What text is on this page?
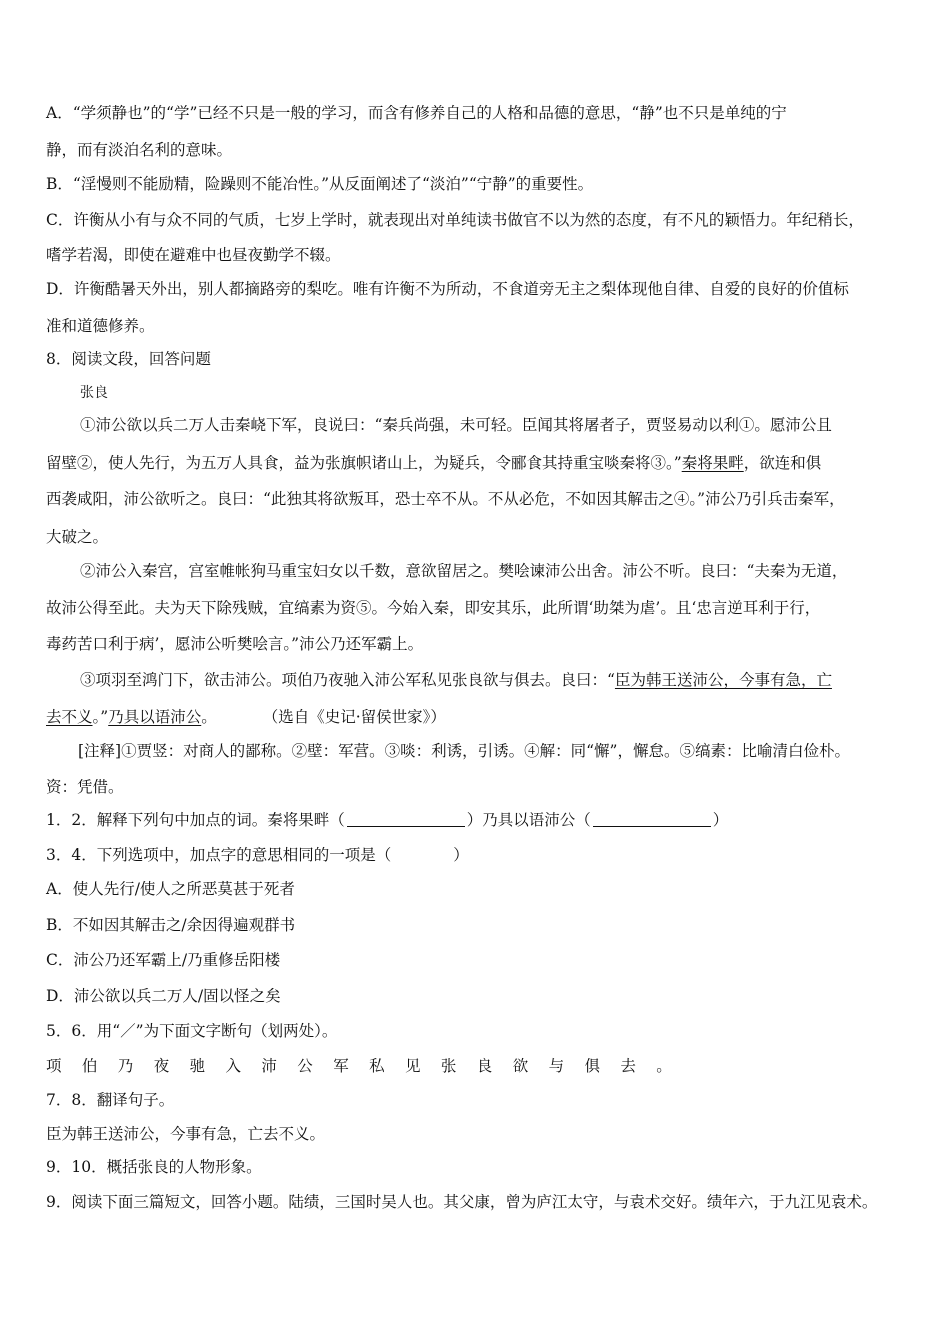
A．“学须静也”的“学”已经不只是一般的学习，而含有修养自己的人格和品德的意思，“静”也不只是单纯的宁
静，而有淡泊名利的意味。
B．“淫慢则不能励精，险躁则不能冶性。”从反面阐述了“淡泊”“宁静”的重要性。
C．许衡从小有与众不同的气质，七岁上学时，就表现出对单纯读书做官不以为然的态度，有不凡的颖悟力。年纪稍长，
嗜学若渴，即使在避难中也昼夜勤学不辍。
D．许衡酷暑天外出，别人都摘路旁的梨吃。唯有许衡不为所动，不食道旁无主之梨体现他自律、自爱的良好的价值标
准和道德修养。
8．阅读文段，回答问题
张良
①沛公欲以兵二万人击秦峣下军，良说曰：“秦兵尚强，未可轻。臣闻其将屠者子，贾竖易动以利①。愿沛公且
留壁②，使人先行，为五万人具食，益为张旗帜诸山上，为疑兵，令郦食其持重宝啖秦将③。”秦将果畔，欲连和俱
西袭咸阳，沛公欲听之。良曰：“此独其将欲叛耳，恐士卒不从。不从必危，不如因其解击之④。”沛公乃引兵击秦军，
大破之。
②沛公入秦宫，宫室帷帐狗马重宝妇女以千数，意欲留居之。樊哙谏沛公出舍。沛公不听。良曰：“夫秦为无道，
故沛公得至此。夫为天下除残贼，宜缟素为资⑤。今始入秦，即安其乐，此所谓‘助桀为虐’。且‘忠言逆耳利于行，
毒药苦口利于病’，愿沛公听樊哙言。”沛公乃还军霸上。
③项羽至鸿门下，欲击沛公。项伯乃夜驰入沛公军私见张良欲与俱去。良曰：“臣为韩王送沛公，今事有急，亡
去不义。”乃具以语沛公。	（选自《史记·留侯世家》）
[注释]①贾竖：对商人的鄙称。②壁：军营。③啖：利诱，引诱。④解：同“懈”，懈怠。⑤缟素：比喻清白俭朴。
资：凭借。
1．2．解释下列句中加点的词。秦将果畔（	）乃具以语沛公（	）
3．4．下列选项中，加点字的意思相同的一项是（	）
A．使人先行/使人之所恶莫甚于死者
B．不如因其解击之/余因得遍观群书
C．沛公乃还军霸上/乃重修岳阳楼
D．沛公欲以兵二万人/固以怪之矣
5．6．用“／”为下面文字断句（划两处）。
项伯乃夜驰入沛公军私见张良欲与俱去。
7．8．翻译句子。
臣为韩王送沛公，今事有急，亡去不义。
9．10．概括张良的人物形象。
9．阅读下面三篇短文，回答小题。陆绩，三国时吴人也。其父康，曾为庐江太守，与袁术交好。绩年六，于九江见袁术。
